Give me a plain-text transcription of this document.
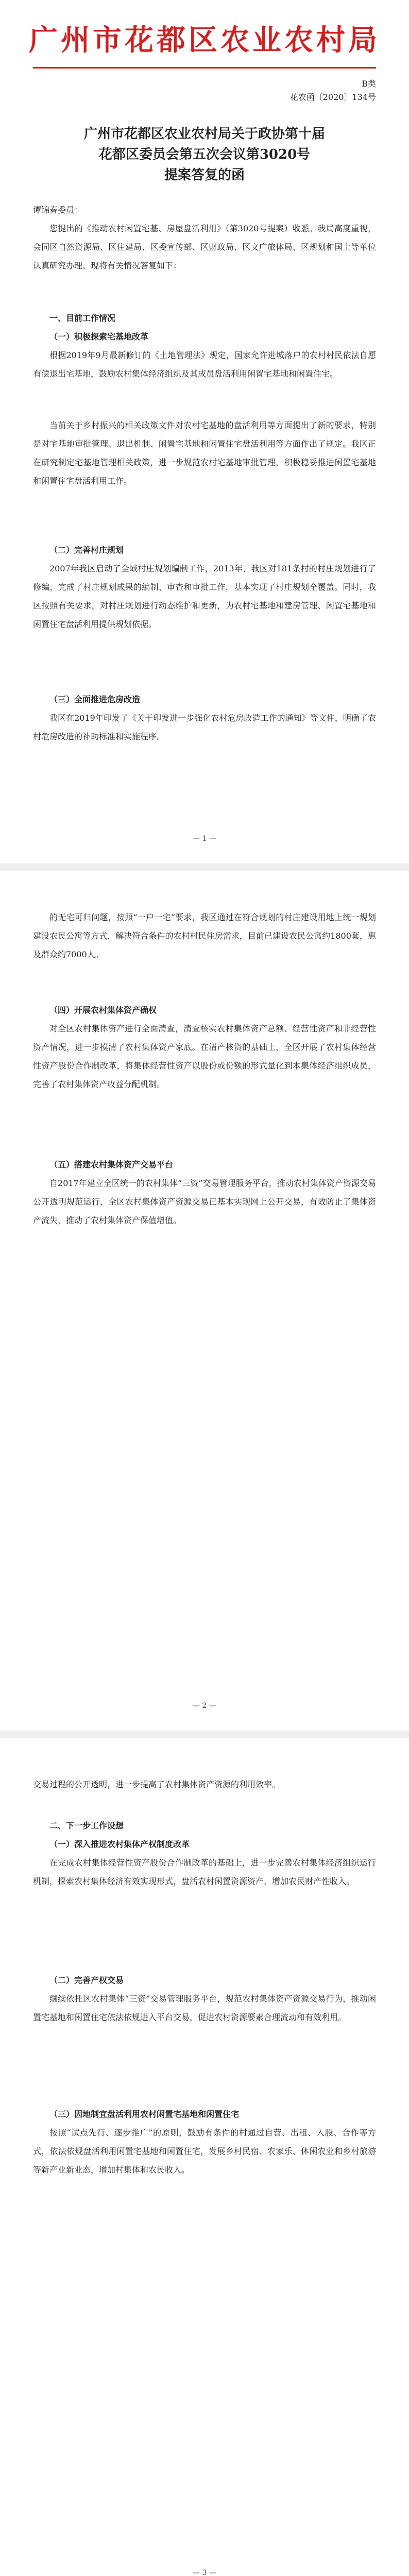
广州市花都区农业农村局
B类
花农函〔2020〕134号
广州市花都区农业农村局关于政协第十届
花都区委员会第五次会议第3020号
提案答复的函
谭锦春委员：
您提出的《推动农村闲置宅基、房屋盘活利用》（第3020号提案）收悉。我局高度重视，会同区自然资源局、区住建局、区委宣传部、区财政局、区文广旅体局、区规划和国土等单位认真研究办理。现将有关情况答复如下：
一、目前工作情况
（一）积极探索宅基地改革
根据2019年9月最新修订的《土地管理法》规定，国家允许进城落户的农村村民依法自愿有偿退出宅基地，鼓励农村集体经济组织及其成员盘活利用闲置宅基地和闲置住宅。
当前关于乡村振兴的相关政策文件对农村宅基地的盘活利用等方面提出了新的要求，特别是对宅基地审批管理、退出机制、闲置宅基地和闲置住宅盘活利用等方面作出了规定。我区正在研究制定宅基地管理相关政策，进一步规范农村宅基地审批管理，积极稳妥推进闲置宅基地和闲置住宅盘活利用工作。
（二）完善村庄规划
2007年我区启动了全域村庄规划编制工作，2013年，我区对181条村的村庄规划进行了修编，完成了村庄规划成果的编制、审查和审批工作，基本实现了村庄规划全覆盖。同时，我区按照有关要求，对村庄规划进行动态维护和更新，为农村宅基地和建房管理、闲置宅基地和闲置住宅盘活利用提供规划依据。
（三）全面推进危房改造
我区在2019年印发了《关于印发进一步强化农村危房改造工作的通知》等文件，明确了农村危房改造的补助标准和实施程序。
— 1 —
的无宅可归问题，按照“一户一宅”要求，我区通过在符合规划的村庄建设用地上统一规划建设农民公寓等方式，解决符合条件的农村村民住房需求，目前已建设农民公寓约1800套，惠及群众约7000人。
（四）开展农村集体资产确权
对全区农村集体资产进行全面清查，清查核实农村集体资产总额、经营性资产和非经营性资产情况，进一步摸清了农村集体资产家底。在清产核资的基础上，全区开展了农村集体经营性资产股份合作制改革，将集体经营性资产以股份或份额的形式量化到本集体经济组织成员，完善了农村集体资产收益分配机制。
（五）搭建农村集体资产交易平台
自2017年建立全区统一的农村集体“三资”交易管理服务平台，推动农村集体资产资源交易公开透明规范运行，全区农村集体资产资源交易已基本实现网上公开交易，有效防止了集体资产流失，推动了农村集体资产保值增值。
— 2 —
交易过程的公开透明，进一步提高了农村集体资产资源的利用效率。
二、下一步工作设想
（一）深入推进农村集体产权制度改革
在完成农村集体经营性资产股份合作制改革的基础上，进一步完善农村集体经济组织运行机制，探索农村集体经济有效实现形式，盘活农村闲置资源资产，增加农民财产性收入。
（二）完善产权交易
继续依托区农村集体“三资”交易管理服务平台，规范农村集体资产资源交易行为，推动闲置宅基地和闲置住宅依法依规进入平台交易，促进农村资源要素合理流动和有效利用。
（三）因地制宜盘活利用农村闲置宅基地和闲置住宅
按照“试点先行、逐步推广”的原则，鼓励有条件的村通过自营、出租、入股、合作等方式，依法依规盘活利用闲置宅基地和闲置住宅，发展乡村民宿、农家乐、休闲农业和乡村旅游等新产业新业态，增加村集体和农民收入。
— 3 —
